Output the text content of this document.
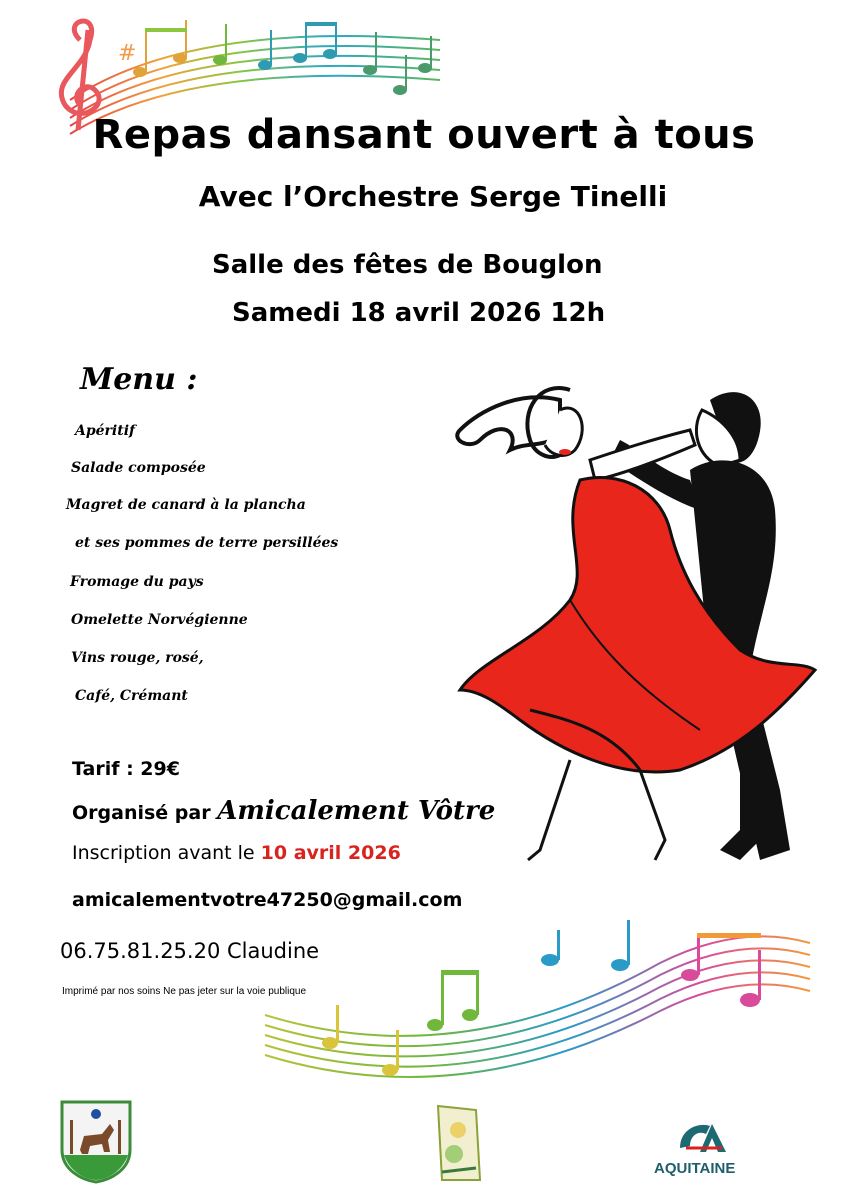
#
Repas dansant ouvert à tous
Avec l’Orchestre Serge Tinelli
Salle des fêtes de Bouglon
Samedi 18 avril 2026 12h
Menu :
Apéritif
Salade composée
Magret de canard à la plancha
et ses pommes de terre persillées
Fromage du pays
Omelette Norvégienne
Vins rouge, rosé,
Café, Crémant
Tarif : 29€
Organisé par Amicalement Vôtre
Inscription avant le 10 avril 2026
amicalementvotre47250@gmail.com
06.75.81.25.20 Claudine
Imprimé par nos soins Ne pas jeter sur la voie publique
AQUITAINE
